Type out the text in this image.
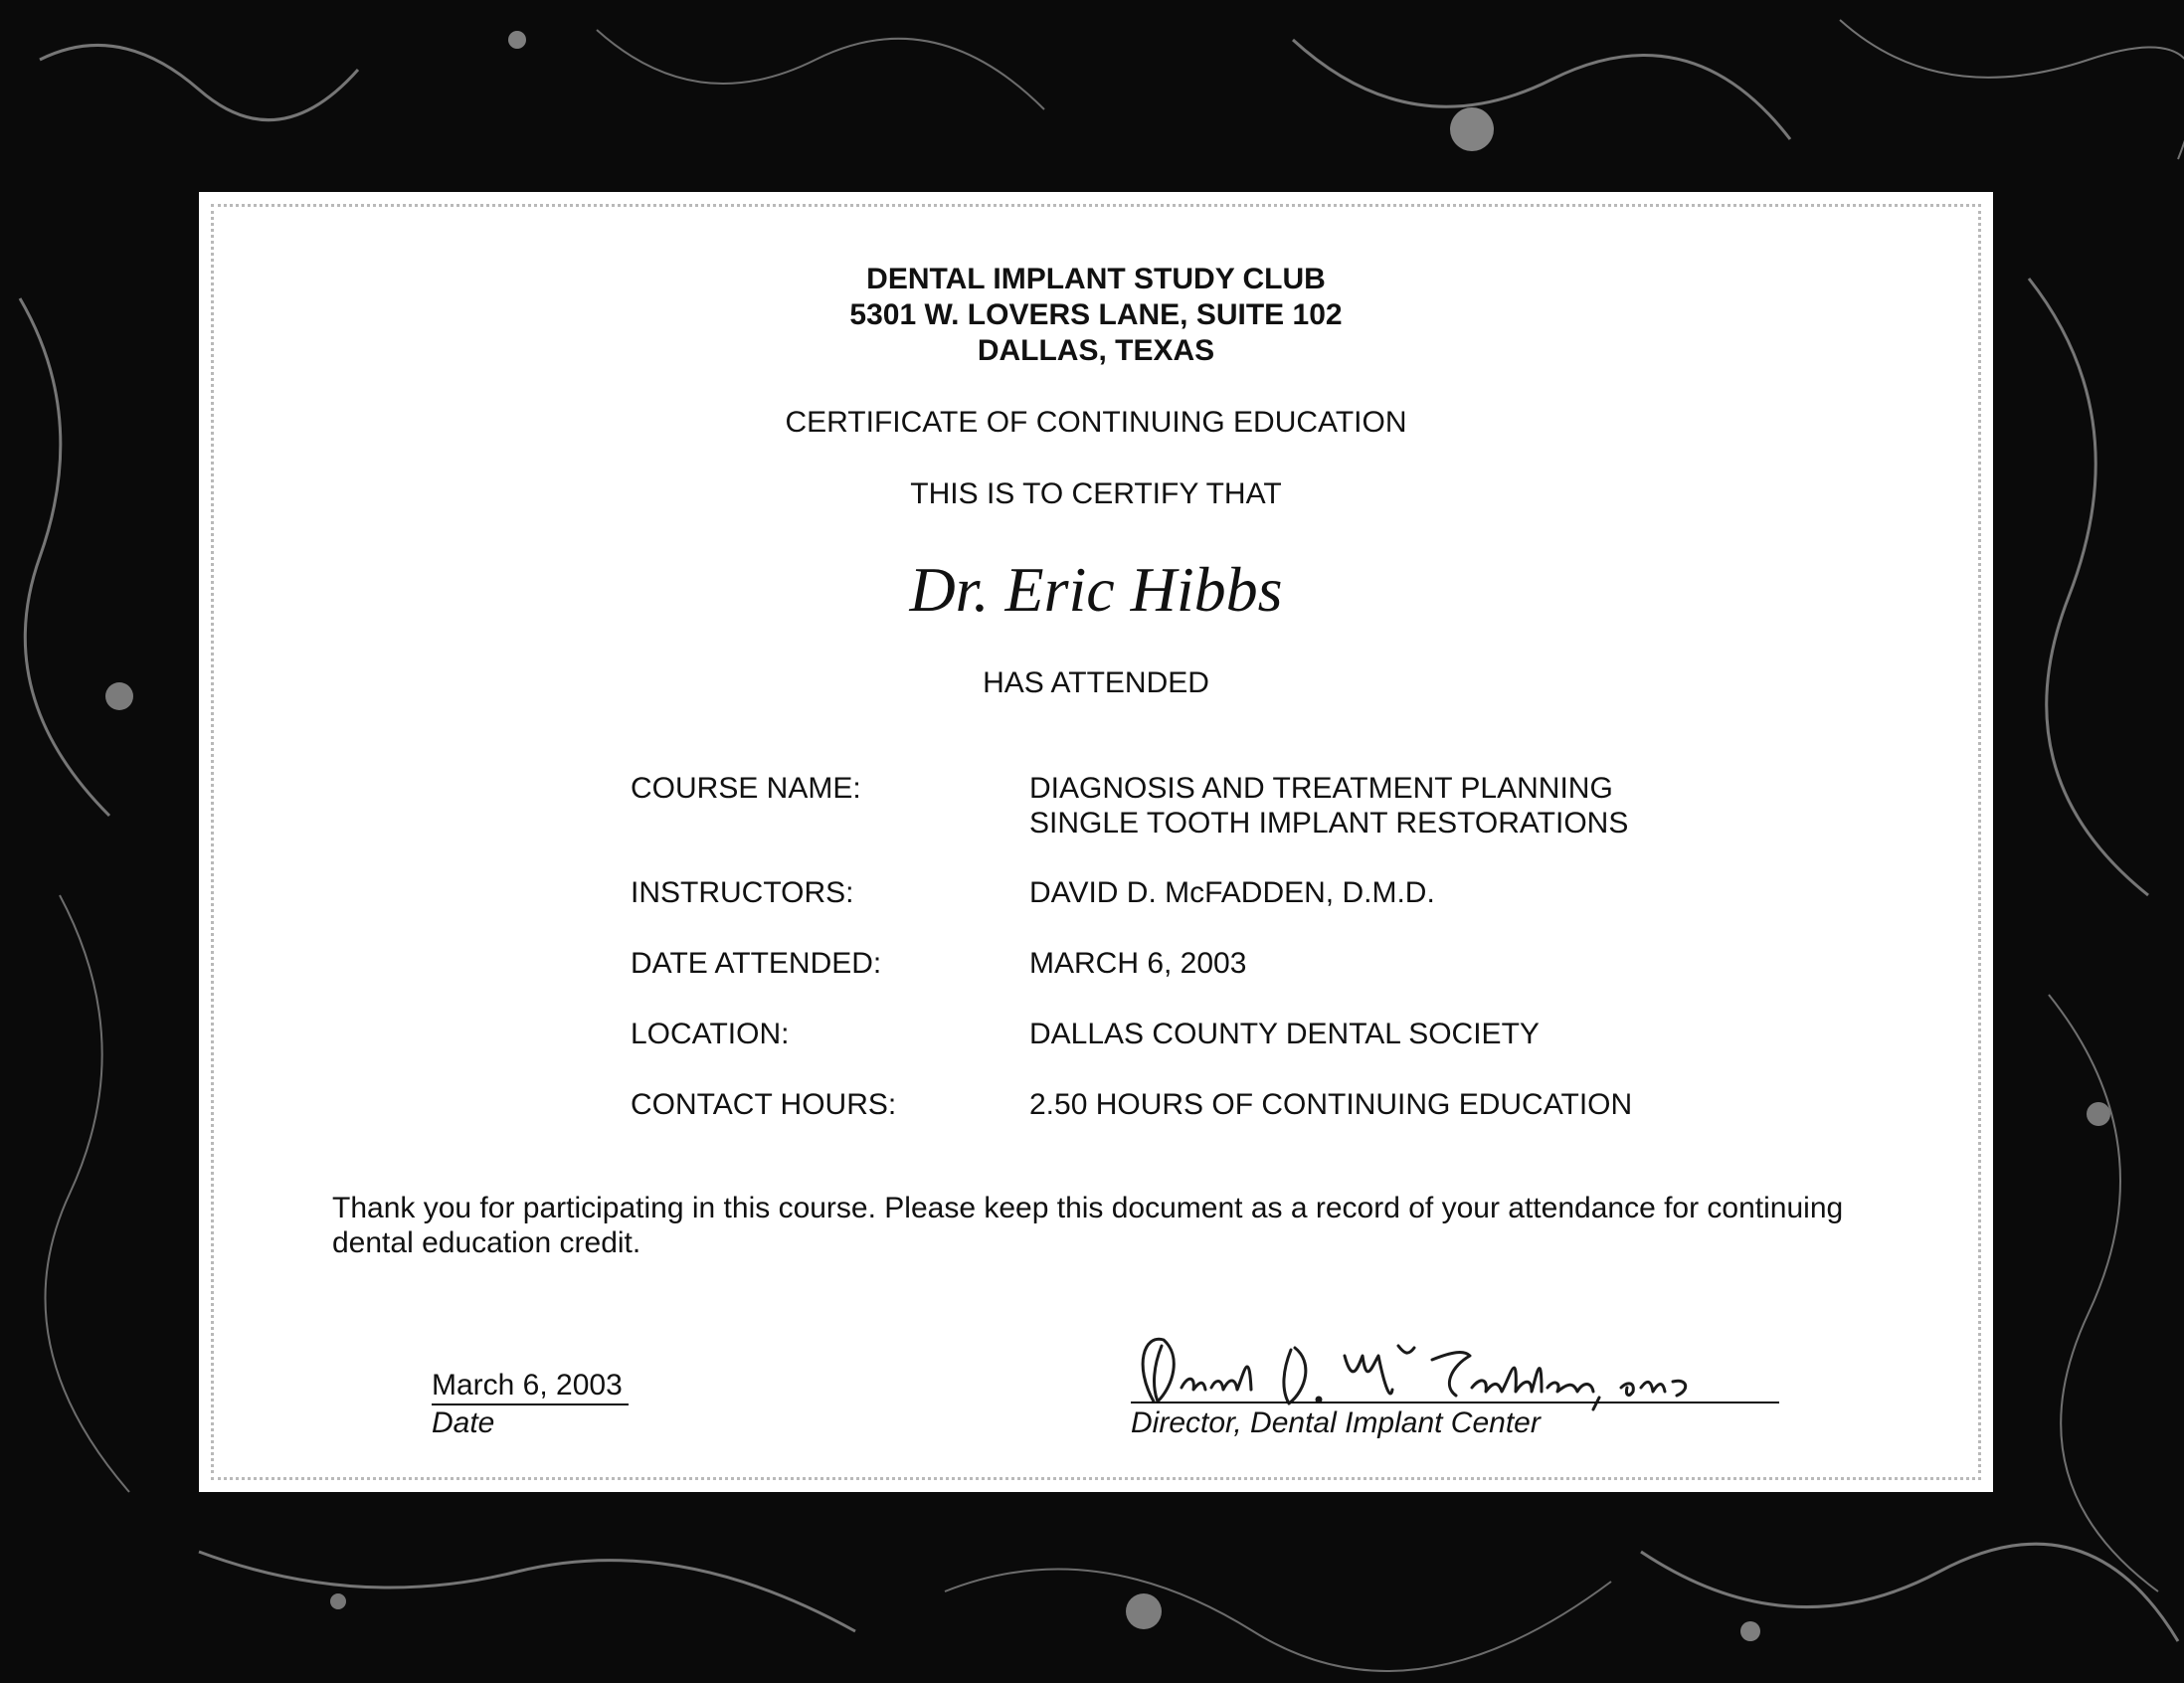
DENTAL IMPLANT STUDY CLUB
5301 W. LOVERS LANE, SUITE 102
DALLAS, TEXAS
CERTIFICATE OF CONTINUING EDUCATION
THIS IS TO CERTIFY THAT
Dr. Eric Hibbs
HAS ATTENDED
COURSE NAME:	DIAGNOSIS AND TREATMENT PLANNING
SINGLE TOOTH IMPLANT RESTORATIONS
INSTRUCTORS:	DAVID D. McFADDEN, D.M.D.
DATE ATTENDED:	MARCH 6, 2003
LOCATION:	DALLAS COUNTY DENTAL SOCIETY
CONTACT HOURS:	2.50 HOURS OF CONTINUING EDUCATION
Thank you for participating in this course. Please keep this document as a record of your attendance for continuing
dental education credit.
March 6, 2003
Date	Director, Dental Implant Center
